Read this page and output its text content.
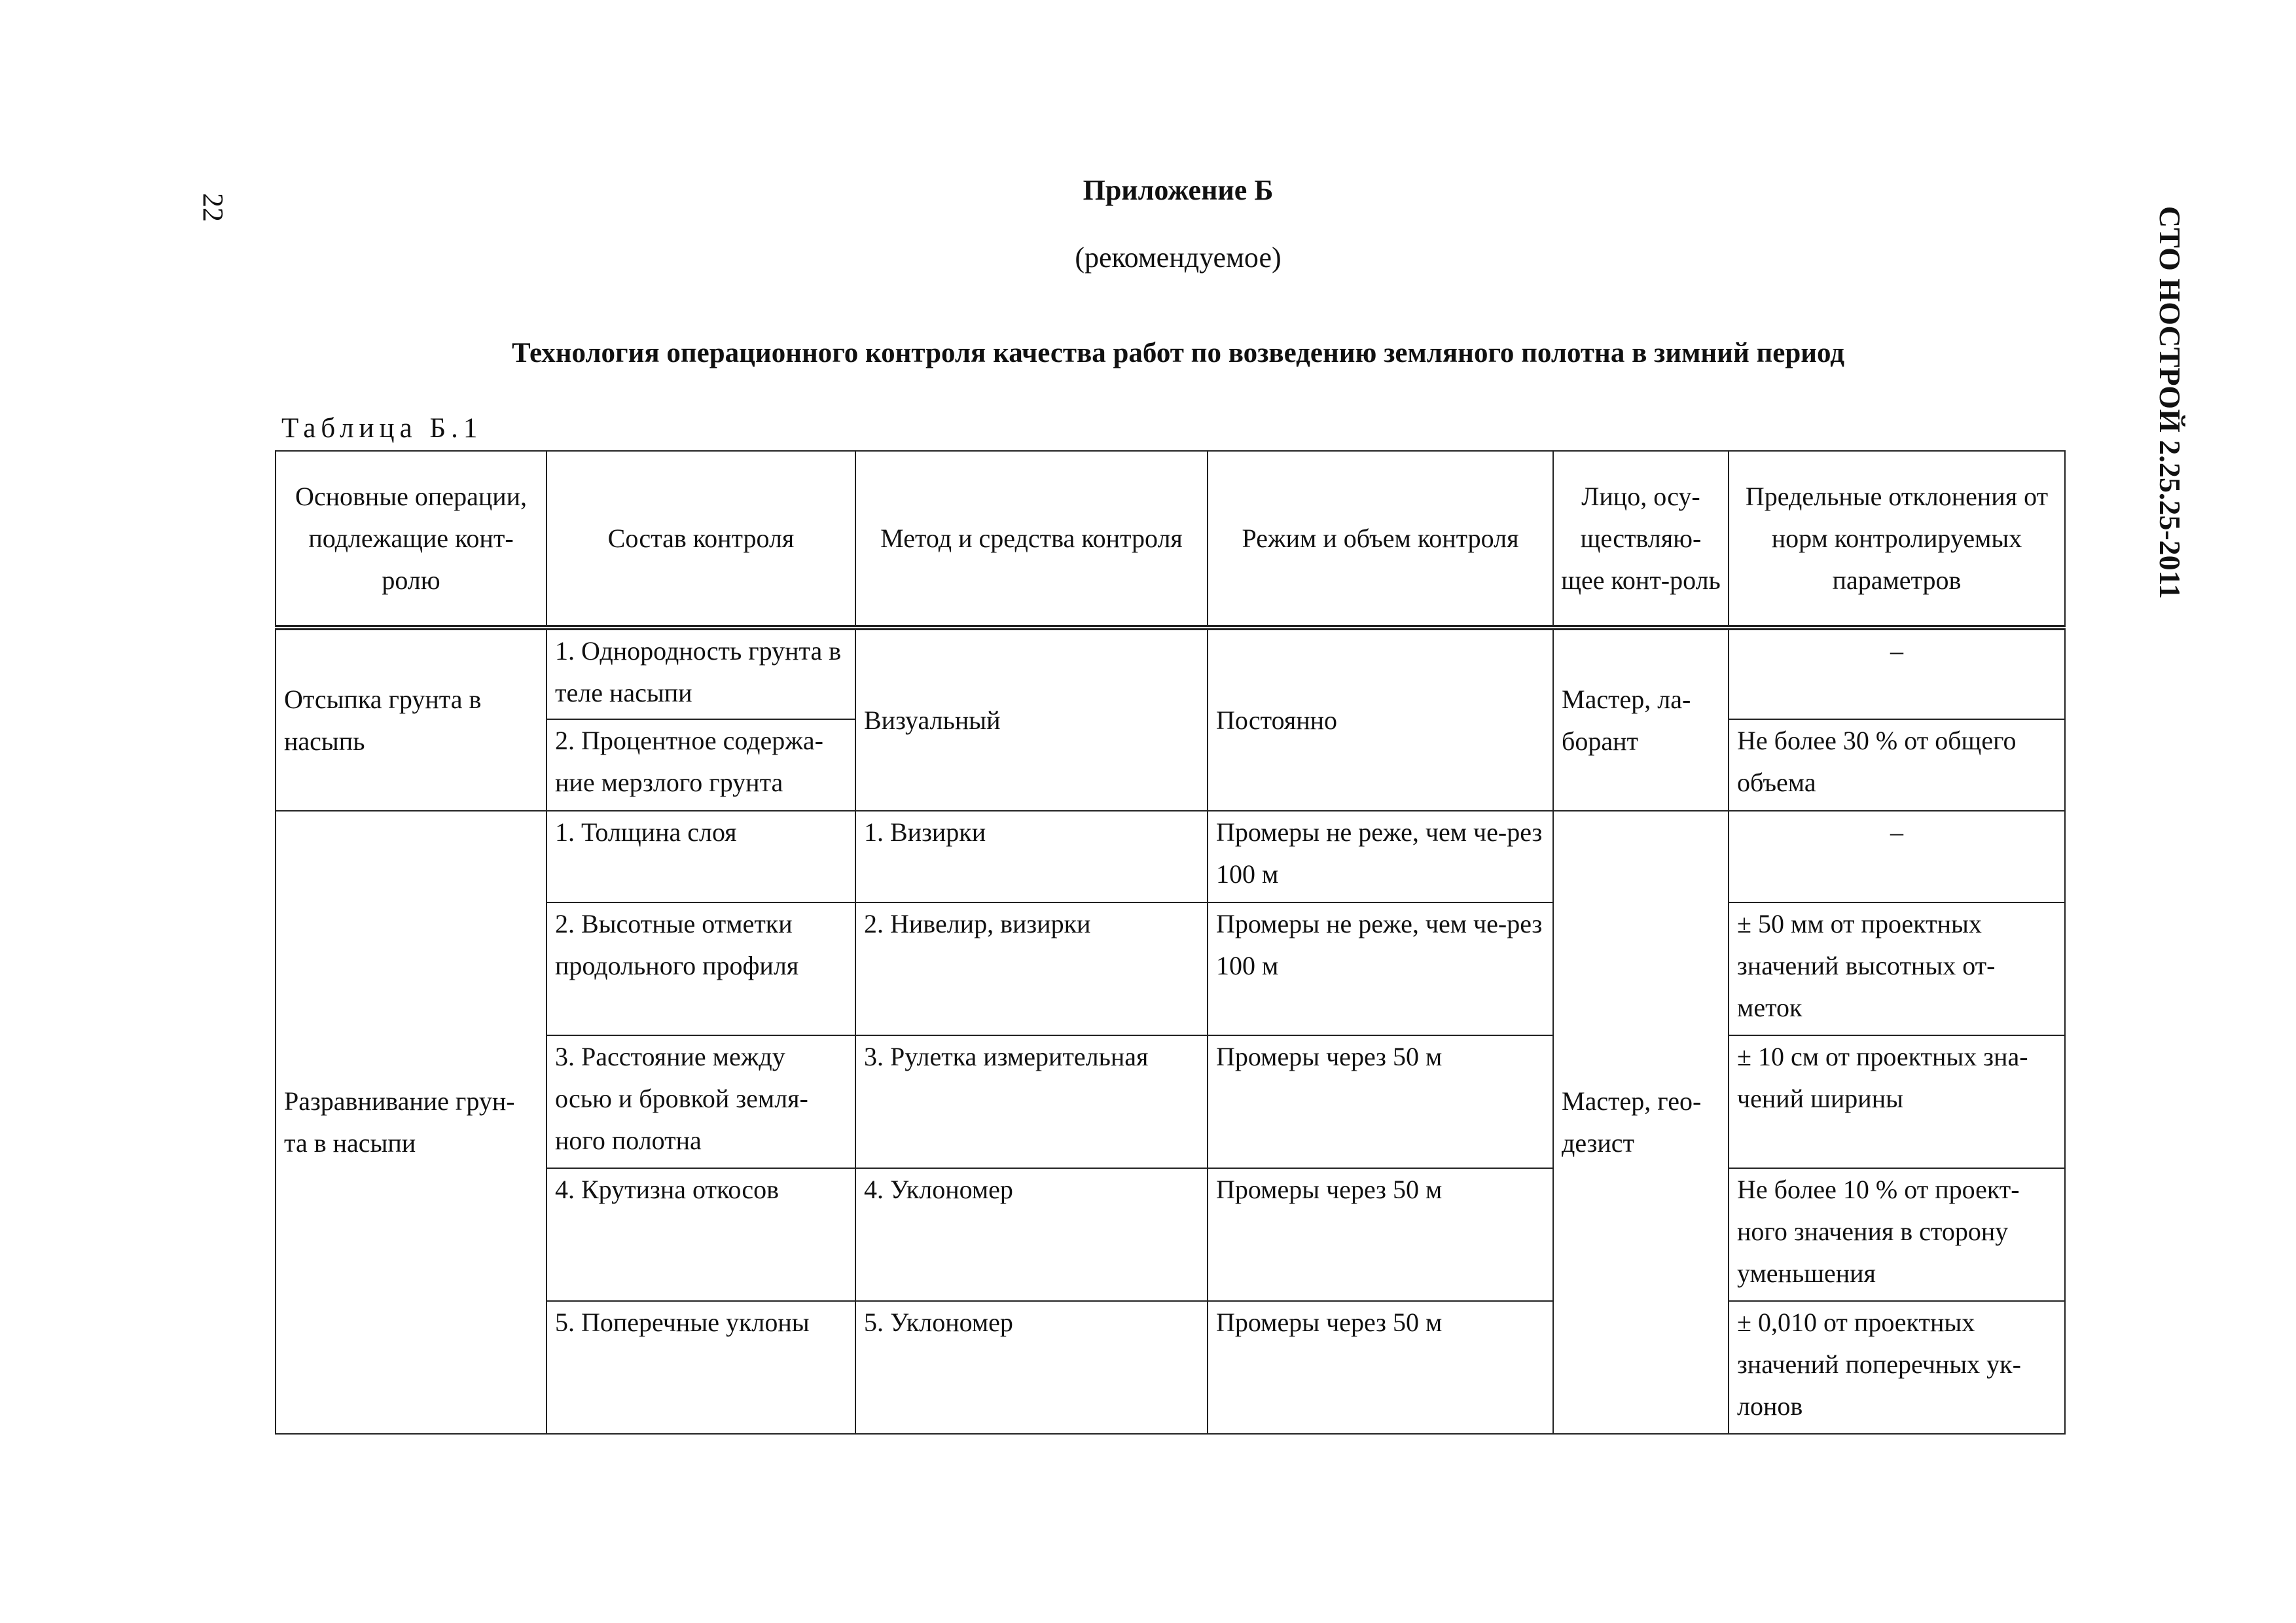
22	СТО НОСТРОЙ 2.25.25-2011
Приложение Б
(рекомендуемое)
Технология операционного контроля качества работ по возведению земляного полотна в зимний период
Таблица Б.1
Основные операции, подлежащие конт-ролю	Состав контроля	Метод и средства контроля	Режим и объем контроля	Лицо, осу-ществляю-щее конт-роль	Предельные отклонения от норм контролируемых параметров
Отсыпка грунта в насыпь	1. Однородность грунта в теле насыпи	Визуальный	Постоянно	Мастер, ла-борант	–
	2. Процентное содержа-ние мерзлого грунта				Не более 30 % от общего объема
Разравнивание грун-та в насыпи	1. Толщина слоя	1. Визирки	Промеры не реже, чем че-рез 100 м	Мастер, гео-дезист	–
	2. Высотные отметки продольного профиля	2. Нивелир, визирки	Промеры не реже, чем че-рез 100 м		± 50 мм от проектных значений высотных от-меток
	3. Расстояние между осью и бровкой земля-ного полотна	3. Рулетка измерительная	Промеры через 50 м		± 10 см от проектных зна-чений ширины
	4. Крутизна откосов	4. Уклономер	Промеры через 50 м		Не более 10 % от проект-ного значения в сторону уменьшения
	5. Поперечные уклоны	5. Уклономер	Промеры через 50 м		± 0,010 от проектных значений поперечных ук-лонов
